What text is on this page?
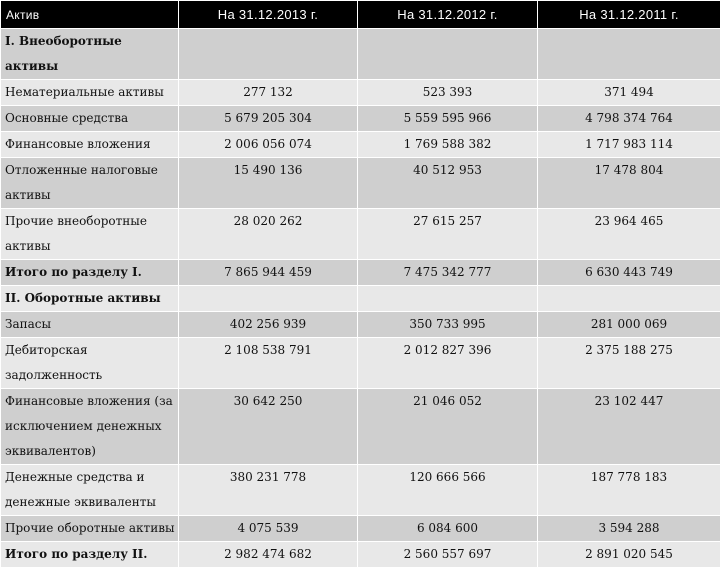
Актив	На 31.12.2013 г.	На 31.12.2012 г.	На 31.12.2011 г.
I. Внеоборотные активы			
Нематериальные активы	277 132	523 393	371 494
Основные средства	5 679 205 304	5 559 595 966	4 798 374 764
Финансовые вложения	2 006 056 074	1 769 588 382	1 717 983 114
Отложенные налоговые активы	15 490 136	40 512 953	17 478 804
Прочие внеоборотные активы	28 020 262	27 615 257	23 964 465
Итого по разделу I.	7 865 944 459	7 475 342 777	6 630 443 749
II. Оборотные активы			
Запасы	402 256 939	350 733 995	281 000 069
Дебиторская задолженность	2 108 538 791	2 012 827 396	2 375 188 275
Финансовые вложения (за исключением денежных эквивалентов)	30 642 250	21 046 052	23 102 447
Денежные средства и денежные эквиваленты	380 231 778	120 666 566	187 778 183
Прочие оборотные активы	4 075 539	6 084 600	3 594 288
Итого по разделу II.	2 982 474 682	2 560 557 697	2 891 020 545
